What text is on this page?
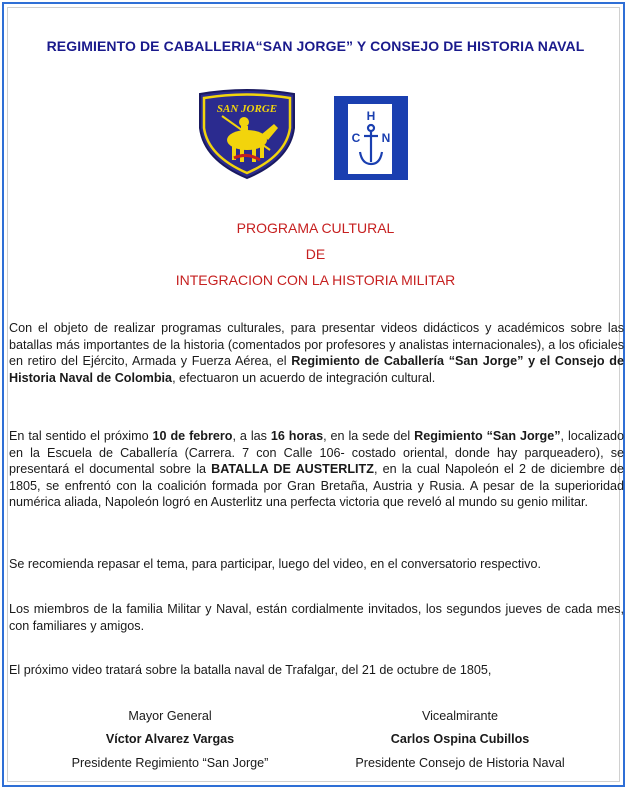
REGIMIENTO DE CABALLERIA“SAN JORGE” Y CONSEJO DE HISTORIA NAVAL
SAN JORGE	H
C N
PROGRAMA CULTURAL
DE
INTEGRACION CON LA HISTORIA MILITAR

Con el objeto de realizar programas culturales, para presentar videos didácticos y académicos sobre las batallas más importantes de la historia (comentados por profesores y analistas internacionales), a los oficiales en retiro del Ejército, Armada y Fuerza Aérea, el Regimiento de Caballería “San Jorge” y el Consejo de Historia Naval de Colombia, efectuaron un acuerdo de integración cultural.

En tal sentido el próximo 10 de febrero, a las 16 horas, en la sede del Regimiento “San Jorge”, localizado en la Escuela de Caballería (Carrera. 7 con Calle 106- costado oriental, donde hay parqueadero), se presentará el documental sobre la BATALLA DE AUSTERLITZ, en la cual Napoleón el 2 de diciembre de 1805, se enfrentó con la coalición formada por Gran Bretaña, Austria y Rusia. A pesar de la superioridad numérica aliada, Napoleón logró en Austerlitz una perfecta victoria que reveló al mundo su genio militar.

Se recomienda repasar el tema, para participar, luego del video, en el conversatorio respectivo.

Los miembros de la familia Militar y Naval, están cordialmente invitados, los segundos jueves de cada mes, con familiares y amigos.

El próximo video tratará sobre la batalla naval de Trafalgar, del 21 de octubre de 1805,

Mayor General
Víctor Alvarez Vargas
Presidente Regimiento “San Jorge”
Vicealmirante
Carlos Ospina Cubillos
Presidente Consejo de Historia Naval
